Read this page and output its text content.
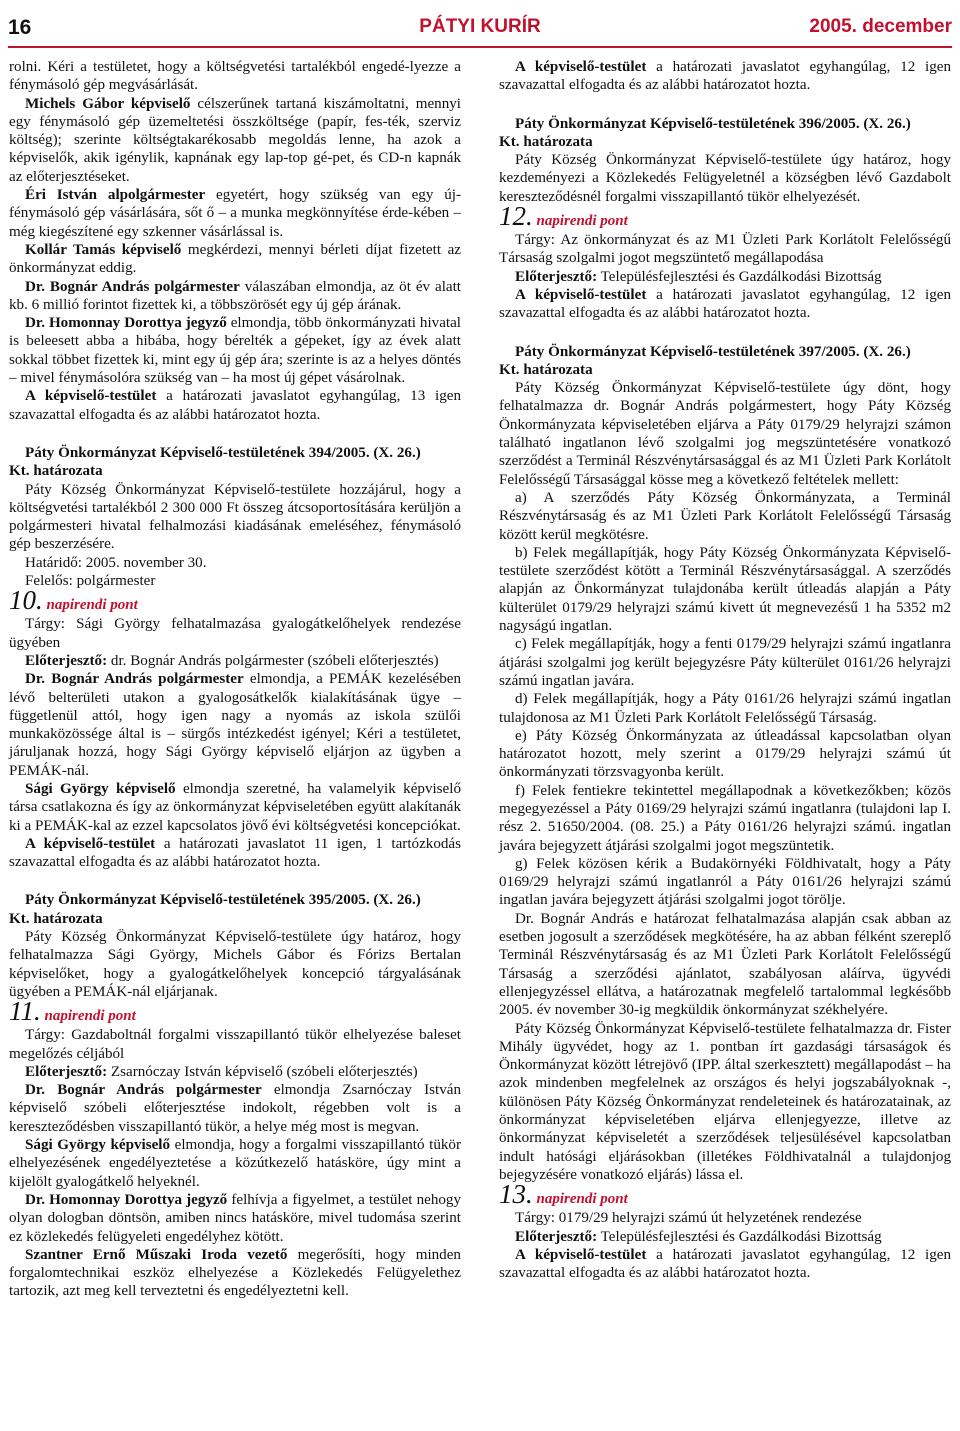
16	PÁTYI KURÍR	2005. december

rolni. Kéri a testületet, hogy a költségvetési tartalékból engedé-lyezze a fénymásoló gép megvásárlását.

Michels Gábor képviselő célszerűnek tartaná kiszámoltatni, mennyi egy fénymásoló gép üzemeltetési összköltsége (papír, fes-ték, szerviz költség); szerinte költségtakarékosabb megoldás lenne, ha azok a képviselők, akik igénylik, kapnának egy lap-top gé-pet, és CD-n kapnák az előterjesztéseket.

Éri István alpolgármester egyetért, hogy szükség van egy új-fénymásoló gép vásárlására, sőt ő – a munka megkönnyítése érde-kében – még kiegészítené egy szkenner vásárlással is.

Kollár Tamás képviselő megkérdezi, mennyi bérleti díjat fizetett az önkormányzat eddig.

Dr. Bognár András polgármester válaszában elmondja, az öt év alatt kb. 6 millió forintot fizettek ki, a többszörösét egy új gép árának.

Dr. Homonnay Dorottya jegyző elmondja, több önkormányzati hivatal is beleesett abba a hibába, hogy bérelték a gépeket, így az évek alatt sokkal többet fizettek ki, mint egy új gép ára; szerinte is az a helyes döntés – mivel fénymásolóra szükség van – ha most új gépet vásárolnak.

A képviselő-testület a határozati javaslatot egyhangúlag, 13 igen szavazattal elfogadta és az alábbi határozatot hozta.

Páty Önkormányzat Képviselő-testületének 394/2005. (X. 26.)

Kt. határozata

Páty Község Önkormányzat Képviselő-testülete hozzájárul, hogy a költségvetési tartalékból 2 300 000 Ft összeg átcsoportosítására kerüljön a polgármesteri hivatal felhalmozási kiadásának emeléséhez, fénymásoló gép beszerzésére.

Határidő: 2005. november 30.

Felelős: polgármester

10. napirendi pont

Tárgy: Sági György felhatalmazása gyalogátkelőhelyek rendezése ügyében

Előterjesztő: dr. Bognár András polgármester (szóbeli előterjesztés)

Dr. Bognár András polgármester elmondja, a PEMÁK kezelésében lévő belterületi utakon a gyalogosátkelők kialakításának ügye – függetlenül attól, hogy igen nagy a nyomás az iskola szülői munkaközössége által is – sürgős intézkedést igényel; Kéri a testületet, járuljanak hozzá, hogy Sági György képviselő eljárjon az ügyben a PEMÁK-nál.

Sági György képviselő elmondja szeretné, ha valamelyik képviselő társa csatlakozna és így az önkormányzat képviseletében együtt alakítanák ki a PEMÁK-kal az ezzel kapcsolatos jövő évi költségvetési koncepciókat.

A képviselő-testület a határozati javaslatot 11 igen, 1 tartózkodás szavazattal elfogadta és az alábbi határozatot hozta.

Páty Önkormányzat Képviselő-testületének 395/2005. (X. 26.)

Kt. határozata

Páty Község Önkormányzat Képviselő-testülete úgy határoz, hogy felhatalmazza Sági György, Michels Gábor és Fórizs Bertalan képviselőket, hogy a gyalogátkelőhelyek koncepció tárgyalásának ügyében a PEMÁK-nál eljárjanak.

11. napirendi pont

Tárgy: Gazdaboltnál forgalmi visszapillantó tükör elhelyezése baleset megelőzés céljából

Előterjesztő: Zsarnóczay István képviselő (szóbeli előterjesztés)

Dr. Bognár András polgármester elmondja Zsarnóczay István képviselő szóbeli előterjesztése indokolt, régebben volt is a kereszteződésben visszapillantó tükör, a helye még most is megvan.

Sági György képviselő elmondja, hogy a forgalmi visszapillantó tükör elhelyezésének engedélyeztetése a közútkezelő hatásköre, úgy mint a kijelölt gyalogátkelő helyeknél.

Dr. Homonnay Dorottya jegyző felhívja a figyelmet, a testület nehogy olyan dologban döntsön, amiben nincs hatásköre, mivel tudomása szerint ez közlekedés felügyeleti engedélyhez kötött.

Szantner Ernő Műszaki Iroda vezető megerősíti, hogy minden forgalomtechnikai eszköz elhelyezése a Közlekedés Felügyelethez tartozik, azt meg kell terveztetni és engedélyeztetni kell.

A képviselő-testület a határozati javaslatot egyhangúlag, 12 igen szavazattal elfogadta és az alábbi határozatot hozta.

Páty Önkormányzat Képviselő-testületének 396/2005. (X. 26.)

Kt. határozata

Páty Község Önkormányzat Képviselő-testülete úgy határoz, hogy kezdeményezi a Közlekedés Felügyeletnél a községben lévő Gazdabolt kereszteződésnél forgalmi visszapillantó tükör elhelyezését.

12. napirendi pont

Tárgy: Az önkormányzat és az M1 Üzleti Park Korlátolt Felelősségű Társaság szolgalmi jogot megszüntető megállapodása

Előterjesztő: Településfejlesztési és Gazdálkodási Bizottság

A képviselő-testület a határozati javaslatot egyhangúlag, 12 igen szavazattal elfogadta és az alábbi határozatot hozta.

Páty Önkormányzat Képviselő-testületének 397/2005. (X. 26.)

Kt. határozata

Páty Község Önkormányzat Képviselő-testülete úgy dönt, hogy felhatalmazza dr. Bognár András polgármestert, hogy Páty Község Önkormányzata képviseletében eljárva a Páty 0179/29 helyrajzi számon található ingatlanon lévő szolgalmi jog megszüntetésére vonatkozó szerződést a Terminál Részvénytársasággal és az M1 Üzleti Park Korlátolt Felelősségű Társasággal kösse meg a következő feltételek mellett:

a) A szerződés Páty Község Önkormányzata, a Terminál Részvénytársaság és az M1 Üzleti Park Korlátolt Felelősségű Társaság között kerül megkötésre.

b) Felek megállapítják, hogy Páty Község Önkormányzata Képviselő-testülete szerződést kötött a Terminál Részvénytársasággal. A szerződés alapján az Önkormányzat tulajdonába került útleadás alapján a Páty külterület 0179/29 helyrajzi számú kivett út megnevezésű 1 ha 5352 m2 nagyságú ingatlan.

c) Felek megállapítják, hogy a fenti 0179/29 helyrajzi számú ingatlanra átjárási szolgalmi jog került bejegyzésre Páty külterület 0161/26 helyrajzi számú ingatlan javára.

d) Felek megállapítják, hogy a Páty 0161/26 helyrajzi számú ingatlan tulajdonosa az M1 Üzleti Park Korlátolt Felelősségű Társaság.

e) Páty Község Önkormányzata az útleadással kapcsolatban olyan határozatot hozott, mely szerint a 0179/29 helyrajzi számú út önkormányzati törzsvagyonba került.

f) Felek fentiekre tekintettel megállapodnak a következőkben; közös megegyezéssel a Páty 0169/29 helyrajzi számú ingatlanra (tulajdoni lap I. rész 2. 51650/2004. (08. 25.) a Páty 0161/26 helyrajzi számú. ingatlan javára bejegyzett átjárási szolgalmi jogot megszüntetik.

g) Felek közösen kérik a Budakörnyéki Földhivatalt, hogy a Páty 0169/29 helyrajzi számú ingatlanról a Páty 0161/26 helyrajzi számú ingatlan javára bejegyzett átjárási szolgalmi jogot törölje.

Dr. Bognár András e határozat felhatalmazása alapján csak abban az esetben jogosult a szerződések megkötésére, ha az abban félként szereplő Terminál Részvénytársaság és az M1 Üzleti Park Korlátolt Felelősségű Társaság a szerződési ajánlatot, szabályosan aláírva, ügyvédi ellenjegyzéssel ellátva, a határozatnak megfelelő tartalommal legkésőbb 2005. év november 30-ig megküldik önkormányzat székhelyére.

Páty Község Önkormányzat Képviselő-testülete felhatalmazza dr. Fister Mihály ügyvédet, hogy az 1. pontban írt gazdasági társaságok és Önkormányzat között létrejövő (IPP. által szerkesztett) megállapodást – ha azok mindenben megfelelnek az országos és helyi jogszabályoknak -, különösen Páty Község Önkormányzat rendeleteinek és határozatainak, az önkormányzat képviseletében eljárva ellenjegyezze, illetve az önkormányzat képviseletét a szerződések teljesülésével kapcsolatban indult hatósági eljárásokban (illetékes Földhivatalnál a tulajdonjog bejegyzésére vonatkozó eljárás) lássa el.

13. napirendi pont

Tárgy: 0179/29 helyrajzi számú út helyzetének rendezése

Előterjesztő: Településfejlesztési és Gazdálkodási Bizottság

A képviselő-testület a határozati javaslatot egyhangúlag, 12 igen szavazattal elfogadta és az alábbi határozatot hozta.
